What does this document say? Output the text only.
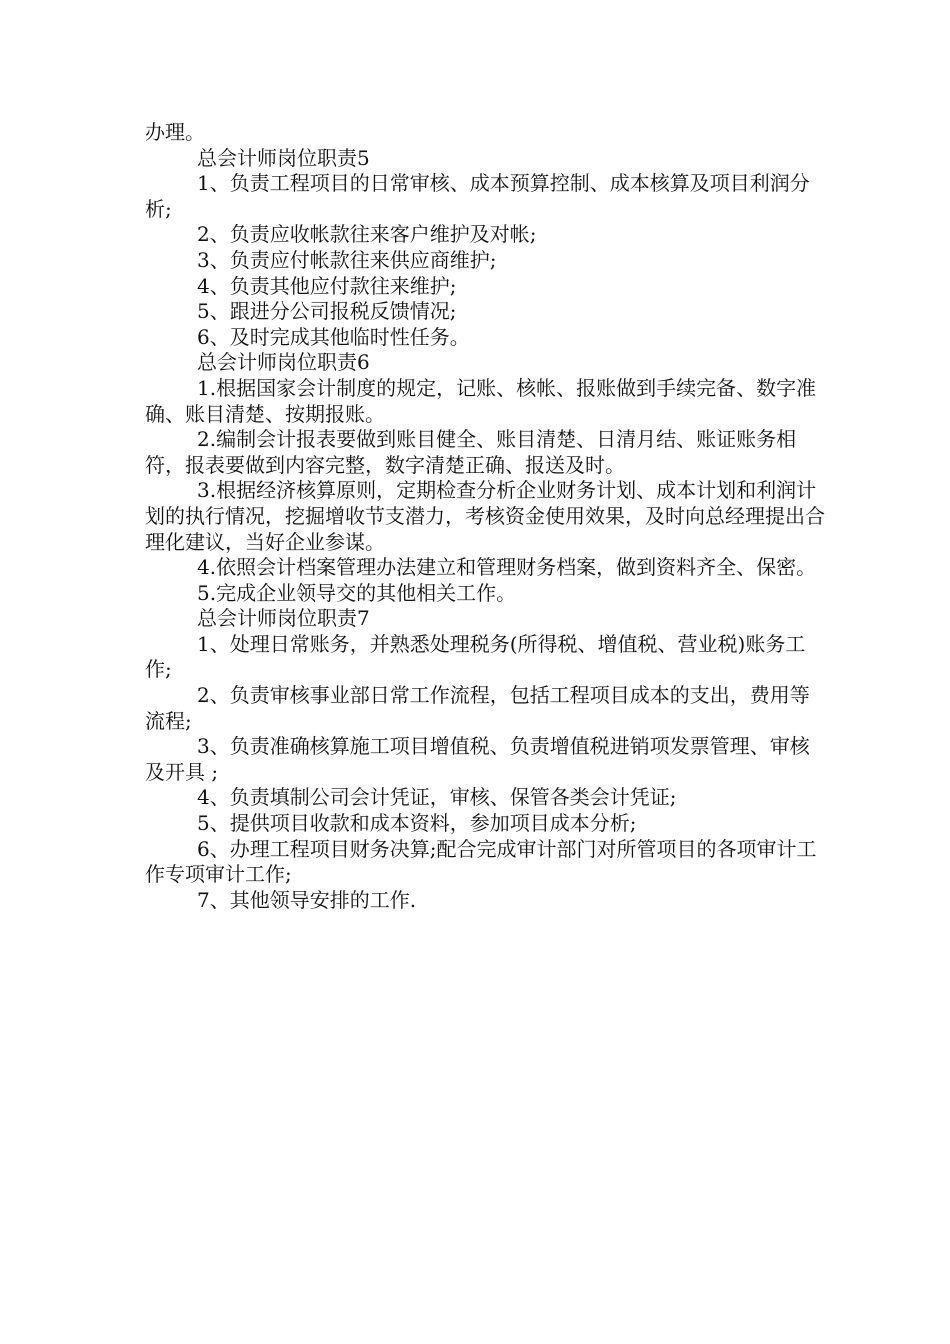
办理。

总会计师岗位职责5

1、负责工程项目的日常审核、成本预算控制、成本核算及项目利润分析;

2、负责应收帐款往来客户维护及对帐;

3、负责应付帐款往来供应商维护;

4、负责其他应付款往来维护;

5、跟进分公司报税反馈情况;

6、及时完成其他临时性任务。

总会计师岗位职责6

1.根据国家会计制度的规定，记账、核帐、报账做到手续完备、数字准确、账目清楚、按期报账。

2.编制会计报表要做到账目健全、账目清楚、日清月结、账证账务相符，报表要做到内容完整，数字清楚正确、报送及时。

3.根据经济核算原则，定期检查分析企业财务计划、成本计划和利润计划的执行情况，挖掘增收节支潜力，考核资金使用效果，及时向总经理提出合理化建议，当好企业参谋。

4.依照会计档案管理办法建立和管理财务档案，做到资料齐全、保密。

5.完成企业领导交的其他相关工作。

总会计师岗位职责7

1、处理日常账务，并熟悉处理税务(所得税、增值税、营业税)账务工作;

2、负责审核事业部日常工作流程，包括工程项目成本的支出，费用等流程;

3、负责准确核算施工项目增值税、负责增值税进销项发票管理、审核及开具 ;

4、负责填制公司会计凭证，审核、保管各类会计凭证;

5、提供项目收款和成本资料，参加项目成本分析;

6、办理工程项目财务决算;配合完成审计部门对所管项目的各项审计工作专项审计工作;

7、其他领导安排的工作.
